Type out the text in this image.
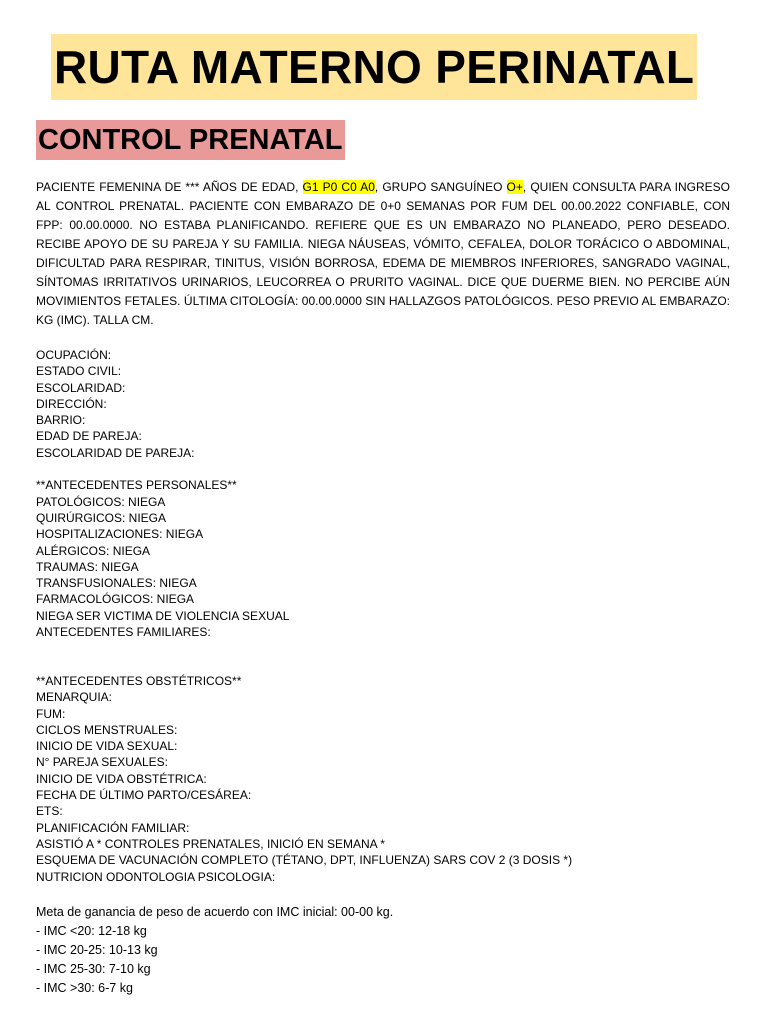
RUTA MATERNO PERINATAL
CONTROL PRENATAL

PACIENTE FEMENINA DE *** AÑOS DE EDAD, G1 P0 C0 A0, GRUPO SANGUÍNEO O+, QUIEN CONSULTA PARA INGRESO AL CONTROL PRENATAL. PACIENTE CON EMBARAZO DE 0+0 SEMANAS POR FUM DEL 00.00.2022 CONFIABLE, CON FPP: 00.00.0000. NO ESTABA PLANIFICANDO. REFIERE QUE ES UN EMBARAZO NO PLANEADO, PERO DESEADO. RECIBE APOYO DE SU PAREJA Y SU FAMILIA. NIEGA NÁUSEAS, VÓMITO, CEFALEA, DOLOR TORÁCICO O ABDOMINAL, DIFICULTAD PARA RESPIRAR, TINITUS, VISIÓN BORROSA, EDEMA DE MIEMBROS INFERIORES, SANGRADO VAGINAL, SÍNTOMAS IRRITATIVOS URINARIOS, LEUCORREA O PRURITO VAGINAL. DICE QUE DUERME BIEN. NO PERCIBE AÚN MOVIMIENTOS FETALES. ÚLTIMA CITOLOGÍA: 00.00.0000 SIN HALLAZGOS PATOLÓGICOS. PESO PREVIO AL EMBARAZO: KG (IMC). TALLA CM.

OCUPACIÓN:
ESTADO CIVIL:
ESCOLARIDAD:
DIRECCIÓN:
BARRIO:
EDAD DE PAREJA:
ESCOLARIDAD DE PAREJA:
**ANTECEDENTES PERSONALES**
PATOLÓGICOS: NIEGA
QUIRÚRGICOS: NIEGA
HOSPITALIZACIONES: NIEGA
ALÉRGICOS: NIEGA
TRAUMAS: NIEGA
TRANSFUSIONALES: NIEGA
FARMACOLÓGICOS: NIEGA
NIEGA SER VICTIMA DE VIOLENCIA SEXUAL
ANTECEDENTES FAMILIARES:
**ANTECEDENTES OBSTÉTRICOS**
MENARQUIA:
FUM:
CICLOS MENSTRUALES:
INICIO DE VIDA SEXUAL:
N° PAREJA SEXUALES:
INICIO DE VIDA OBSTÉTRICA:
FECHA DE ÚLTIMO PARTO/CESÁREA:
ETS:
PLANIFICACIÓN FAMILIAR:
ASISTIÓ A * CONTROLES PRENATALES, INICIÓ EN SEMANA *
ESQUEMA DE VACUNACIÓN COMPLETO (TÉTANO, DPT, INFLUENZA) SARS COV 2 (3 DOSIS *)
NUTRICION ODONTOLOGIA PSICOLOGIA:
Meta de ganancia de peso de acuerdo con IMC inicial: 00-00 kg.
- IMC <20: 12-18 kg
- IMC 20-25: 10-13 kg
- IMC 25-30: 7-10 kg
- IMC >30: 6-7 kg
